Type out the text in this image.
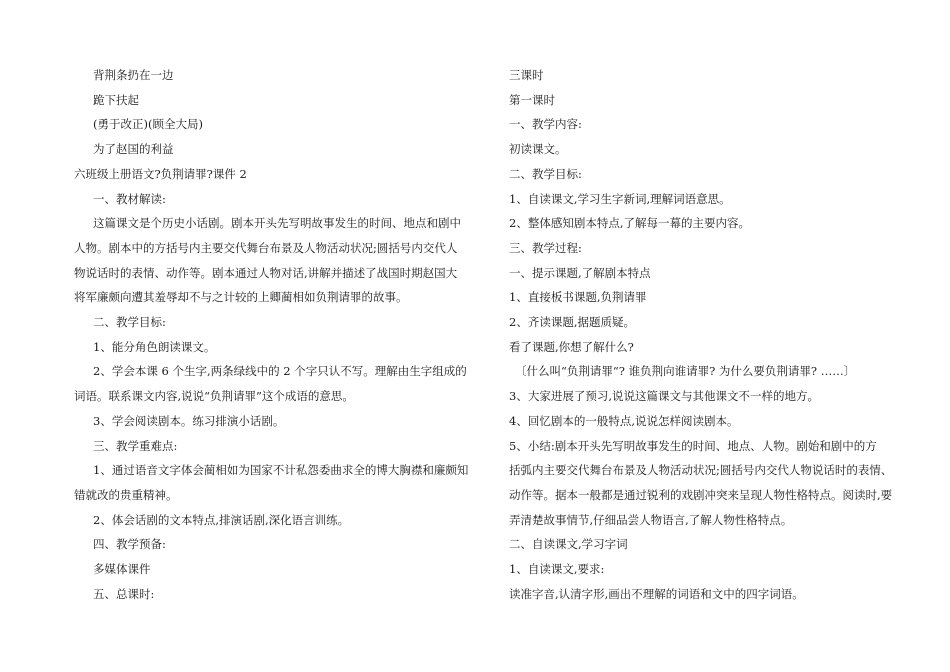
背荆条扔在一边

跪下扶起

(勇于改正)(顾全大局)

为了赵国的利益

六班级上册语文?负荆请罪?课件 2

一、教材解读:

这篇课文是个历史小话剧。剧本开头先写明故事发生的时间、地点和剧中

人物。剧本中的方括号内主要交代舞台布景及人物活动状况;圆括号内交代人

物说话时的表情、动作等。剧本通过人物对话,讲解并描述了战国时期赵国大

将军廉颇向遭其羞辱却不与之计较的上卿蔺相如负荆请罪的故事。

二、教学目标:

1、能分角色朗读课文。

2、学会本课 6 个生字,两条绿线中的 2 个字只认不写。理解由生字组成的

词语。联系课文内容,说说“负荆请罪”这个成语的意思。

3、学会阅读剧本。练习排演小话剧。

三、教学重难点:

1、通过语音文字体会蔺相如为国家不计私怨委曲求全的博大胸襟和廉颇知

错就改的贵重精神。

2、体会话剧的文本特点,排演话剧,深化语言训练。

四、教学预备:

多媒体课件

五、总课时:

三课时

第一课时

一、教学内容:

初读课文。

二、教学目标:

1、自读课文,学习生字新词,理解词语意思。

2、整体感知剧本特点,了解每一幕的主要内容。

三、教学过程:

一、提示课题,了解剧本特点

1、直接板书课题,负荆请罪

2、齐读课题,据题质疑。

看了课题,你想了解什么?

〔什么叫“负荆请罪“? 谁负荆向谁请罪? 为什么要负荆请罪? ……〕

3、大家进展了预习,说说这篇课文与其他课文不一样的地方。

4、回忆剧本的一般特点,说说怎样阅读剧本。

5、小结:剧本开头先写明故事发生的时间、地点、人物。剧始和剧中的方

括弧内主要交代舞台布景及人物活动状况;圆括号内交代人物说话时的表情、

动作等。据本一般都是通过锐利的戏剧冲突来呈现人物性格特点。阅读时,要

弄清楚故事情节,仔细品尝人物语言,了解人物性格特点。

二、自读课文,学习字词

1、自读课文,要求:

读准字音,认清字形,画出不理解的词语和文中的四字词语。
